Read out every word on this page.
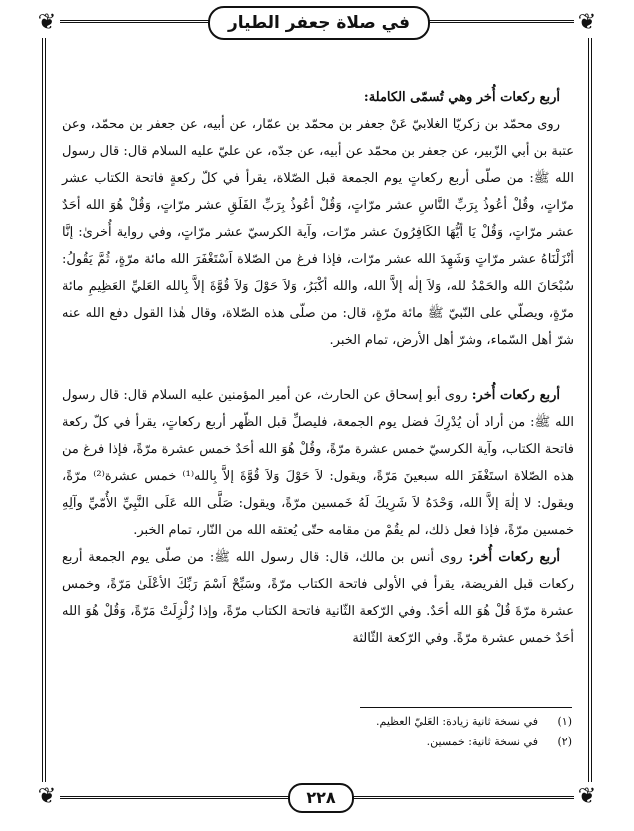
❦	❦
❦	❦
في صلاة جعفر الطيار

أربع ركعات أُخر وهي تُسمّى الكاملة:

روى محمّد بن زكريّا الغلابيّ عَنْ جعفر بن محمّد بن عمّار، عن أبيه، عن جعفر بن محمّد، وعن عتبة بن أبي الزّبير، عن جعفر بن محمّد عن أبيه، عن جدّه، عن عليّ عليه السلام قال: قال رسول الله ﷺ: من صلّى أربع ركعاتٍ يوم الجمعة قبل الصّلاة، يقرأ في كلّ ركعةٍ فاتحة الكتاب عشر مرّاتٍ، وقُلْ أعُوذُ بِرَبِّ النَّاسِ عشر مرّاتٍ، وَقُلْ أعُوذُ بِرَبِّ الفَلَقِ عشر مرّاتٍ، وَقُلْ هُوَ الله أحَدٌ عشر مرّاتٍ، وَقُلْ يَا أيُّهَا الكَافِرُونَ عشر مرّات، وآية الكرسيّ عشر مرّاتٍ، وفي رواية أُخرىٰ: إنَّا أنْزَلْنَاهُ عشر مرّاتٍ وَشَهِدَ الله عشر مرّات، فإذا فرغ من الصّلاة اَسْتَغْفَرَ الله مائة مرّةٍ، ثُمَّ يَقُولُ: سُبْحَانَ الله والحَمْدُ لله، وَلاَ إلٰه إلاَّ الله، والله أكْبَرُ، وَلاَ حَوْلَ وَلاَ قُوَّةَ إلاَّ بِالله العَليِّ العَظِيمِ مائة مرّةٍ، ويصلّي على النّبيّ ﷺ مائة مرّةٍ، قال: من صلّى هذه الصّلاة، وقال هٰذا القول دفع الله عنه شرّ أهل السّماء، وشرّ أهل الأرض، تمام الخبر.

أربع ركعات أُخر: روى أبو إسحاق عن الحارث، عن أمير المؤمنين عليه السلام قال: قال رسول الله ﷺ: من أراد أن يُدْرِكَ فضل يوم الجمعة، فليصلِّ قبل الظّهر أربع ركعاتٍ، يقرأ في كلّ ركعة فاتحة الكتاب، وآية الكرسيّ خمس عشرة مرّةً، وقُلْ هُوَ الله أحَدٌ خمس عشرة مرّةً، فإذا فرغ من هذه الصّلاة استَغْفَرَ الله سبعينَ مَرّةً، ويقول: لاَ حَوْلَ وَلاَ قُوَّةَ إلاَّ بِالله⁽¹⁾ خمس عشرة⁽²⁾ مرّةً، ويقول: لا إلٰهَ إلاَّ الله، وَحْدَهُ لاَ شَرِيكَ لَهُ خَمسين مرّةً، ويقول: صَلَّى الله عَلَى النَّبِيِّ الأُمّيِّ وآلِهِ خمسين مرّةً، فإذا فعل ذلك، لم يقُمْ من مقامه حتّى يُعتقه الله من النّار، تمام الخبر.

أربع ركعات أُخر: روى أنس بن مالك، قال: قال رسول الله ﷺ: من صلّى يوم الجمعة أربع ركعات قبل الفريضة، يقرأ في الأولى فاتحة الكتاب مرّةً، وسَبِّحْ اَسْمَ رَبِّكَ الأعْلَىٰ مَرّةً، وخمس عشرة مرّةَ قُلْ هُوَ الله أحَدٌ. وفي الرّكعة الثّانية فاتحة الكتاب مرّةً، وإذا زُلْزِلَتْ مَرّةً، وَقُلْ هُوَ الله أحَدٌ خمس عشرة مرّةً. وفي الرّكعة الثّالثة

(١)
في نسخة ثانية زيادة: العَليّ العظيم.
(٢)
في نسخة ثانية: خمسين.
٢٢٨
